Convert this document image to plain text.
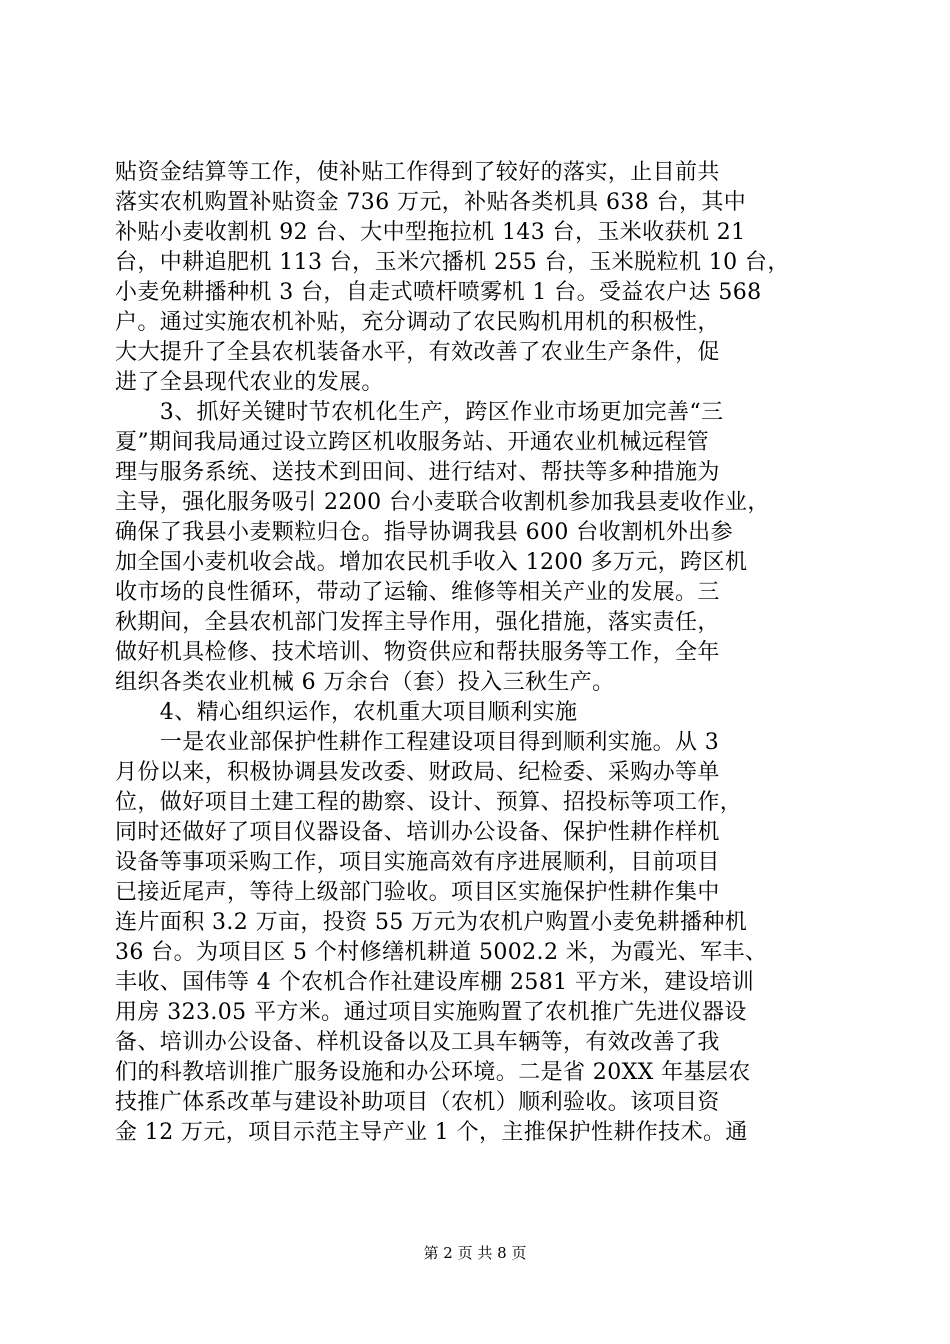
贴资金结算等工作，使补贴工作得到了较好的落实，止目前共
落实农机购置补贴资金 736 万元，补贴各类机具 638 台，其中
补贴小麦收割机 92 台、大中型拖拉机 143 台，玉米收获机 21
台，中耕追肥机 113 台，玉米穴播机 255 台，玉米脱粒机 10 台，
小麦免耕播种机 3 台，自走式喷杆喷雾机 1 台。受益农户达 568
户。通过实施农机补贴，充分调动了农民购机用机的积极性，
大大提升了全县农机装备水平，有效改善了农业生产条件，促
进了全县现代农业的发展。
　　3、抓好关键时节农机化生产，跨区作业市场更加完善“三
夏”期间我局通过设立跨区机收服务站、开通农业机械远程管
理与服务系统、送技术到田间、进行结对、帮扶等多种措施为
主导，强化服务吸引 2200 台小麦联合收割机参加我县麦收作业，
确保了我县小麦颗粒归仓。指导协调我县 600 台收割机外出参
加全国小麦机收会战。增加农民机手收入 1200 多万元，跨区机
收市场的良性循环，带动了运输、维修等相关产业的发展。三
秋期间，全县农机部门发挥主导作用，强化措施，落实责任，
做好机具检修、技术培训、物资供应和帮扶服务等工作，全年
组织各类农业机械 6 万余台（套）投入三秋生产。
　　4、精心组织运作，农机重大项目顺利实施
　　一是农业部保护性耕作工程建设项目得到顺利实施。从 3
月份以来，积极协调县发改委、财政局、纪检委、采购办等单
位，做好项目土建工程的勘察、设计、预算、招投标等项工作，
同时还做好了项目仪器设备、培训办公设备、保护性耕作样机
设备等事项采购工作，项目实施高效有序进展顺利，目前项目
已接近尾声，等待上级部门验收。项目区实施保护性耕作集中
连片面积 3.2 万亩，投资 55 万元为农机户购置小麦免耕播种机
36 台。为项目区 5 个村修缮机耕道 5002.2 米，为霞光、军丰、
丰收、国伟等 4 个农机合作社建设库棚 2581 平方米，建设培训
用房 323.05 平方米。通过项目实施购置了农机推广先进仪器设
备、培训办公设备、样机设备以及工具车辆等，有效改善了我
们的科教培训推广服务设施和办公环境。二是省 20XX 年基层农
技推广体系改革与建设补助项目（农机）顺利验收。该项目资
金 12 万元，项目示范主导产业 1 个，主推保护性耕作技术。通
第 2 页 共 8 页
